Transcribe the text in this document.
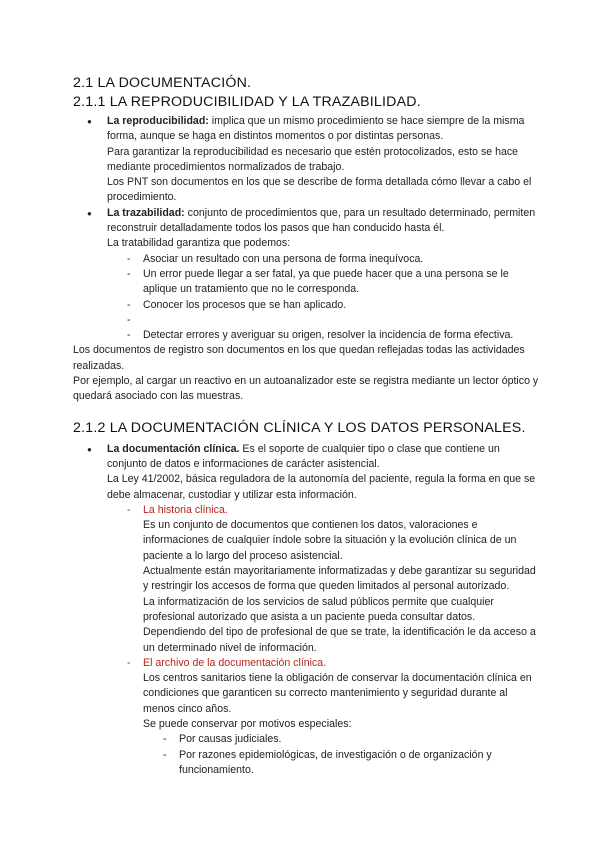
2.1 LA DOCUMENTACIÓN.
2.1.1 LA REPRODUCIBILIDAD Y LA TRAZABILIDAD.

● La reproducibilidad: implica que un mismo procedimiento se hace siempre de la misma forma, aunque se haga en distintos momentos o por distintas personas.

Para garantizar la reproducibilidad es necesario que estén protocolizados, esto se hace mediante procedimientos normalizados de trabajo.

Los PNT son documentos en los que se describe de forma detallada cómo llevar a cabo el procedimiento.

● La trazabilidad: conjunto de procedimientos que, para un resultado determinado, permiten reconstruir detalladamente todos los pasos que han conducido hasta él.

La tratabilidad garantiza que podemos:

- Asociar un resultado con una persona de forma inequívoca.
- Un error puede llegar a ser fatal, ya que puede hacer que a una persona se le aplique un tratamiento que no le corresponda.
- Conocer los procesos que se han aplicado.
-
- Detectar errores y averiguar su origen, resolver la incidencia de forma efectiva.

Los documentos de registro son documentos en los que quedan reflejadas todas las actividades realizadas.

Por ejemplo, al cargar un reactivo en un autoanalizador este se registra mediante un lector óptico y quedará asociado con las muestras.

2.1.2 LA DOCUMENTACIÓN CLÍNICA Y LOS DATOS PERSONALES.

● La documentación clínica. Es el soporte de cualquier tipo o clase que contiene un conjunto de datos e informaciones de carácter asistencial.

La Ley 41/2002, básica reguladora de la autonomía del paciente, regula la forma en que se debe almacenar, custodiar y utilizar esta información.

- La historia clínica.

Es un conjunto de documentos que contienen los datos, valoraciones e informaciones de cualquier índole sobre la situación y la evolución clínica de un paciente a lo largo del proceso asistencial.

Actualmente están mayoritariamente informatizadas y debe garantizar su seguridad y restringir los accesos de forma que queden limitados al personal autorizado.

La informatización de los servicios de salud públicos permite que cualquier profesional autorizado que asista a un paciente pueda consultar datos.

Dependiendo del tipo de profesional de que se trate, la identificación le da acceso a un determinado nivel de información.

- El archivo de la documentación clínica.

Los centros sanitarios tiene la obligación de conservar la documentación clínica en condiciones que garanticen su correcto mantenimiento y seguridad durante al menos cinco años.

Se puede conservar por motivos especiales:

- Por causas judiciales.
- Por razones epidemiológicas, de investigación o de organización y funcionamiento.
